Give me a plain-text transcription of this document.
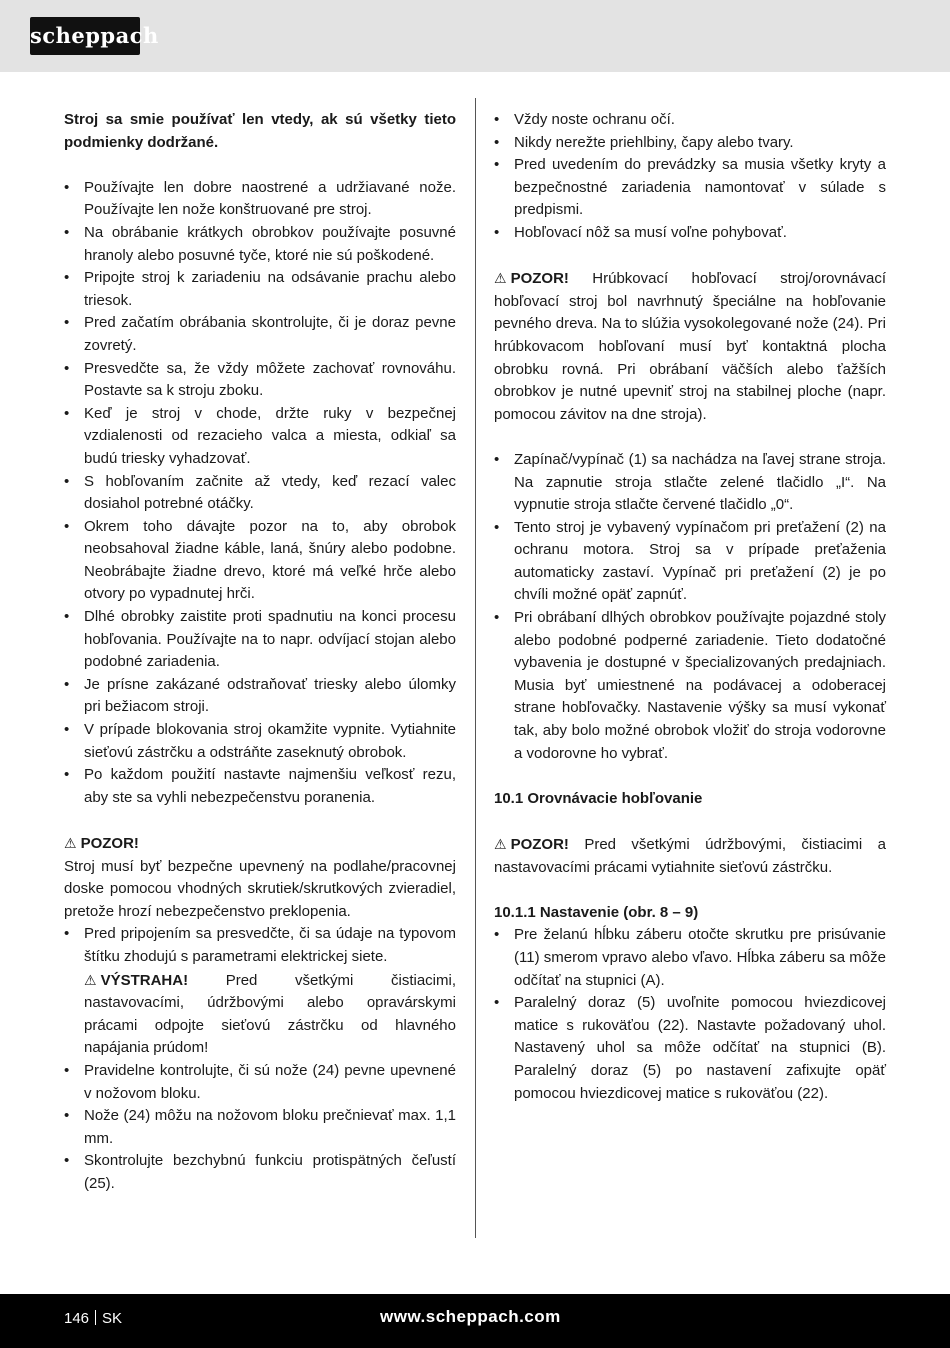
scheppach

Stroj sa smie používať len vtedy, ak sú všetky tieto podmienky dodržané.

• Používajte len dobre naostrené a udržiavané nože. Používajte len nože konštruované pre stroj.
• Na obrábanie krátkych obrobkov používajte posuvné hranoly alebo posuvné tyče, ktoré nie sú poškodené.
• Pripojte stroj k zariadeniu na odsávanie prachu alebo triesok.
• Pred začatím obrábania skontrolujte, či je doraz pevne zovretý.
• Presvedčte sa, že vždy môžete zachovať rovnováhu. Postavte sa k stroju zboku.
• Keď je stroj v chode, držte ruky v bezpečnej vzdialenosti od rezacieho valca a miesta, odkiaľ sa budú triesky vyhadzovať.
• S hobľovaním začnite až vtedy, keď rezací valec dosiahol potrebné otáčky.
• Okrem toho dávajte pozor na to, aby obrobok neobsahoval žiadne káble, laná, šnúry alebo podobne. Neobrábajte žiadne drevo, ktoré má veľké hrče alebo otvory po vypadnutej hrči.
• Dlhé obrobky zaistite proti spadnutiu na konci procesu hobľovania. Používajte na to napr. odvíjací stojan alebo podobné zariadenia.
• Je prísne zakázané odstraňovať triesky alebo úlomky pri bežiacom stroji.
• V prípade blokovania stroj okamžite vypnite. Vytiahnite sieťovú zástrčku a odstráňte zaseknutý obrobok.
• Po každom použití nastavte najmenšiu veľkosť rezu, aby ste sa vyhli nebezpečenstvu poranenia.

⚠ POZOR!

Stroj musí byť bezpečne upevnený na podlahe/pracovnej doske pomocou vhodných skrutiek/skrutkových zvieradiel, pretože hrozí nebezpečenstvo preklopenia.

• Pred pripojením sa presvedčte, či sa údaje na typovom štítku zhodujú s parametrami elektrickej siete.
⚠ VÝSTRAHA!	Pred všetkými čistiacimi, nastavovacími, údržbovými alebo opravárskymi prácami odpojte sieťovú zástrčku od hlavného napájania prúdom!
• Pravidelne kontrolujte, či sú nože (24) pevne upevnené v nožovom bloku.
• Nože (24) môžu na nožovom bloku prečnievať max. 1,1 mm.
• Skontrolujte bezchybnú funkciu protispätných čeľustí (25).
• Vždy noste ochranu očí.
• Nikdy nerežte priehlbiny, čapy alebo tvary.
• Pred uvedením do prevádzky sa musia všetky kryty a bezpečnostné zariadenia namontovať v súlade s predpismi.
• Hobľovací nôž sa musí voľne pohybovať.

⚠ POZOR! Hrúbkovací hobľovací stroj/orovnávací hobľovací stroj bol navrhnutý špeciálne na hobľovanie pevného dreva. Na to slúžia vysokolegované nože (24). Pri hrúbkovacom hobľovaní musí byť kontaktná plocha obrobku rovná. Pri obrábaní väčších alebo ťažších obrobkov je nutné upevniť stroj na stabilnej ploche (napr. pomocou závitov na dne stroja).

• Zapínač/vypínač (1) sa nachádza na ľavej strane stroja. Na zapnutie stroja stlačte zelené tlačidlo „I“. Na vypnutie stroja stlačte červené tlačidlo „0“.
• Tento stroj je vybavený vypínačom pri preťažení (2) na ochranu motora. Stroj sa v prípade preťaženia automaticky zastaví. Vypínač pri preťažení (2) je po chvíli možné opäť zapnúť.
• Pri obrábaní dlhých obrobkov používajte pojazdné stoly alebo podobné podperné zariadenie. Tieto dodatočné vybavenia je dostupné v špecializovaných predajniach. Musia byť umiestnené na podávacej a odoberacej strane hobľovačky. Nastavenie výšky sa musí vykonať tak, aby bolo možné obrobok vložiť do stroja vodorovne a vodorovne ho vybrať.

10.1 Orovnávacie hobľovanie

⚠ POZOR! Pred všetkými údržbovými, čistiacimi a nastavovacími prácami vytiahnite sieťovú zástrčku.

10.1.1 Nastavenie (obr. 8 – 9)

• Pre želanú hĺbku záberu otočte skrutku pre prisúvanie (11) smerom vpravo alebo vľavo. Hĺbka záberu sa môže odčítať na stupnici (A).
• Paralelný doraz (5) uvoľnite pomocou hviezdicovej matice s rukoväťou (22). Nastavte požadovaný uhol. Nastavený uhol sa môže odčítať na stupnici (B). Paralelný doraz (5) po nastavení zafixujte opäť pomocou hviezdicovej matice s rukoväťou (22).
146 SK	www.scheppach.com
